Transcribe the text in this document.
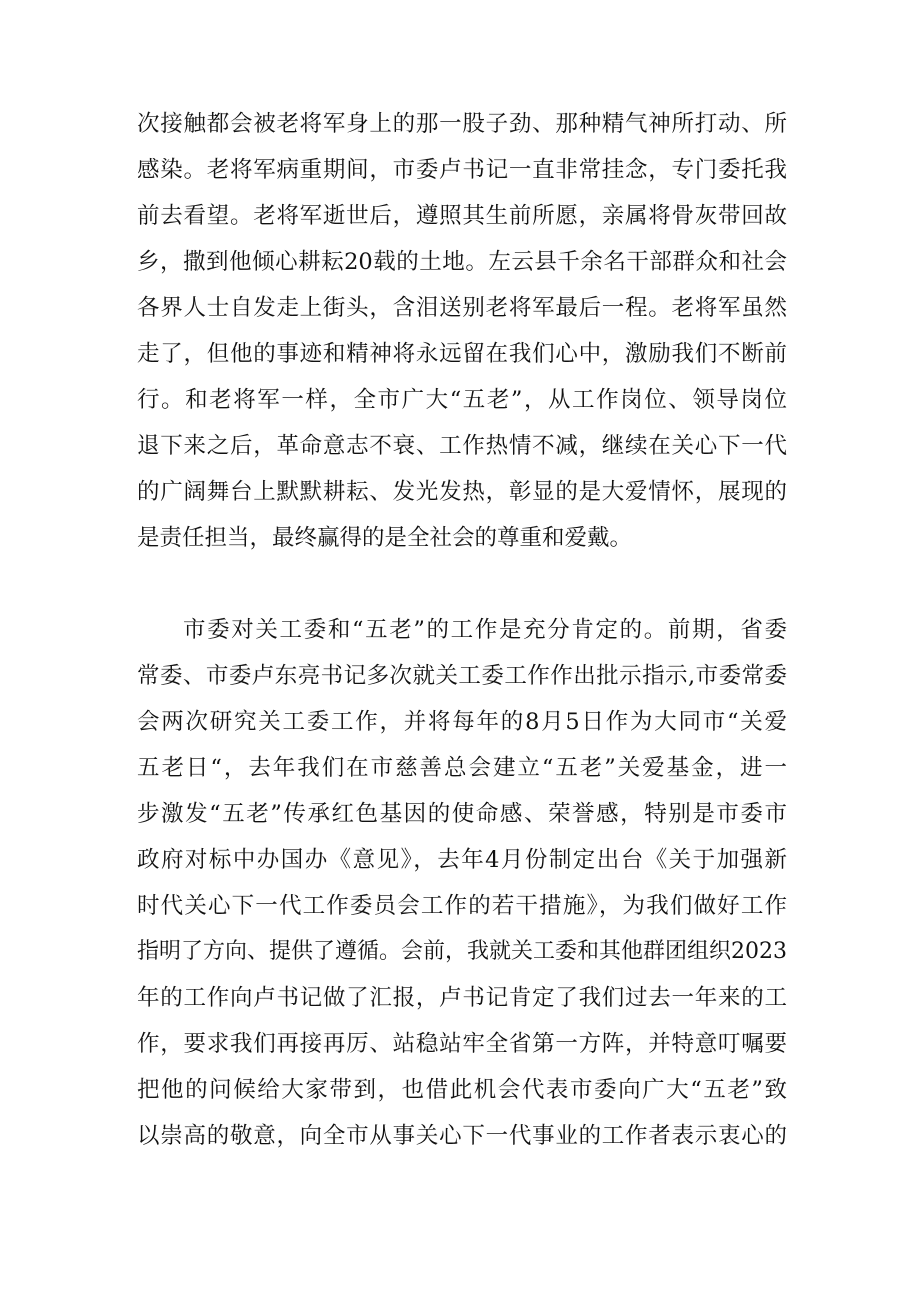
次接触都会被老将军身上的那一股子劲、那种精气神所打动、所
感染。老将军病重期间，市委卢书记一直非常挂念，专门委托我
前去看望。老将军逝世后，遵照其生前所愿，亲属将骨灰带回故
乡，撒到他倾心耕耘20载的土地。左云县千余名干部群众和社会
各界人士自发走上街头，含泪送别老将军最后一程。老将军虽然
走了，但他的事迹和精神将永远留在我们心中，激励我们不断前
行。和老将军一样，全市广大“五老”，从工作岗位、领导岗位
退下来之后，革命意志不衰、工作热情不减，继续在关心下一代
的广阔舞台上默默耕耘、发光发热，彰显的是大爱情怀，展现的
是责任担当，最终赢得的是全社会的尊重和爱戴。
市委对关工委和“五老”的工作是充分肯定的。前期，省委
常委、市委卢东亮书记多次就关工委工作作出批示指示,市委常委
会两次研究关工委工作，并将每年的8月5日作为大同市“关爱
五老日“，去年我们在市慈善总会建立“五老”关爱基金，进一
步激发“五老”传承红色基因的使命感、荣誉感，特别是市委市
政府对标中办国办《意见》，去年4月份制定出台《关于加强新
时代关心下一代工作委员会工作的若干措施》，为我们做好工作
指明了方向、提供了遵循。会前，我就关工委和其他群团组织2023
年的工作向卢书记做了汇报，卢书记肯定了我们过去一年来的工
作，要求我们再接再厉、站稳站牢全省第一方阵，并特意叮嘱要
把他的问候给大家带到，也借此机会代表市委向广大“五老”致
以崇高的敬意，向全市从事关心下一代事业的工作者表示衷心的
